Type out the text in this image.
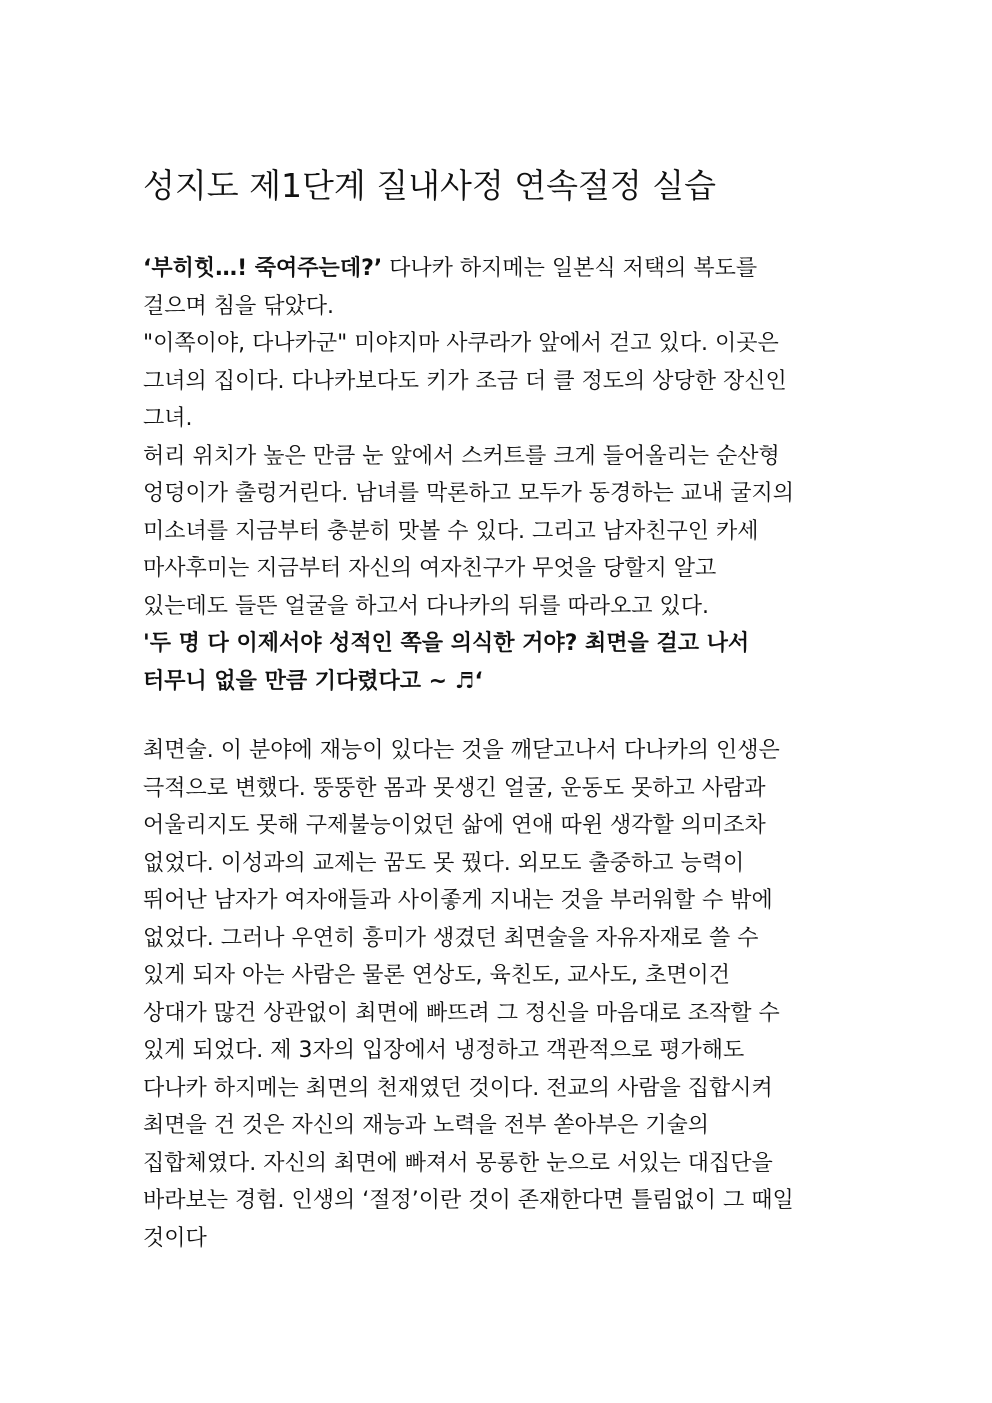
성지도 제1단계 질내사정 연속절정 실습
‘부히힛…! 죽여주는데?’ 다나카 하지메는 일본식 저택의 복도를
걸으며 침을 닦았다.
"이쪽이야, 다나카군" 미야지마 사쿠라가 앞에서 걷고 있다. 이곳은
그녀의 집이다. 다나카보다도 키가 조금 더 클 정도의 상당한 장신인
그녀.
허리 위치가 높은 만큼 눈 앞에서 스커트를 크게 들어올리는 순산형
엉덩이가 출렁거린다. 남녀를 막론하고 모두가 동경하는 교내 굴지의
미소녀를 지금부터 충분히 맛볼 수 있다. 그리고 남자친구인 카세
마사후미는 지금부터 자신의 여자친구가 무엇을 당할지 알고
있는데도 들뜬 얼굴을 하고서 다나카의 뒤를 따라오고 있다.
'두 명 다 이제서야 성적인 쪽을 의식한 거야? 최면을 걸고 나서
터무니 없을 만큼 기다렸다고 ~ ♬‘
최면술. 이 분야에 재능이 있다는 것을 깨닫고나서 다나카의 인생은
극적으로 변했다. 뚱뚱한 몸과 못생긴 얼굴, 운동도 못하고 사람과
어울리지도 못해 구제불능이었던 삶에 연애 따윈 생각할 의미조차
없었다. 이성과의 교제는 꿈도 못 꿨다. 외모도 출중하고 능력이
뛰어난 남자가 여자애들과 사이좋게 지내는 것을 부러워할 수 밖에
없었다. 그러나 우연히 흥미가 생겼던 최면술을 자유자재로 쓸 수
있게 되자 아는 사람은 물론 연상도, 육친도, 교사도, 초면이건
상대가 많건 상관없이 최면에 빠뜨려 그 정신을 마음대로 조작할 수
있게 되었다. 제 3자의 입장에서 냉정하고 객관적으로 평가해도
다나카 하지메는 최면의 천재였던 것이다. 전교의 사람을 집합시켜
최면을 건 것은 자신의 재능과 노력을 전부 쏟아부은 기술의
집합체였다. 자신의 최면에 빠져서 몽롱한 눈으로 서있는 대집단을
바라보는 경험. 인생의 ‘절정’이란 것이 존재한다면 틀림없이 그 때일
것이다
